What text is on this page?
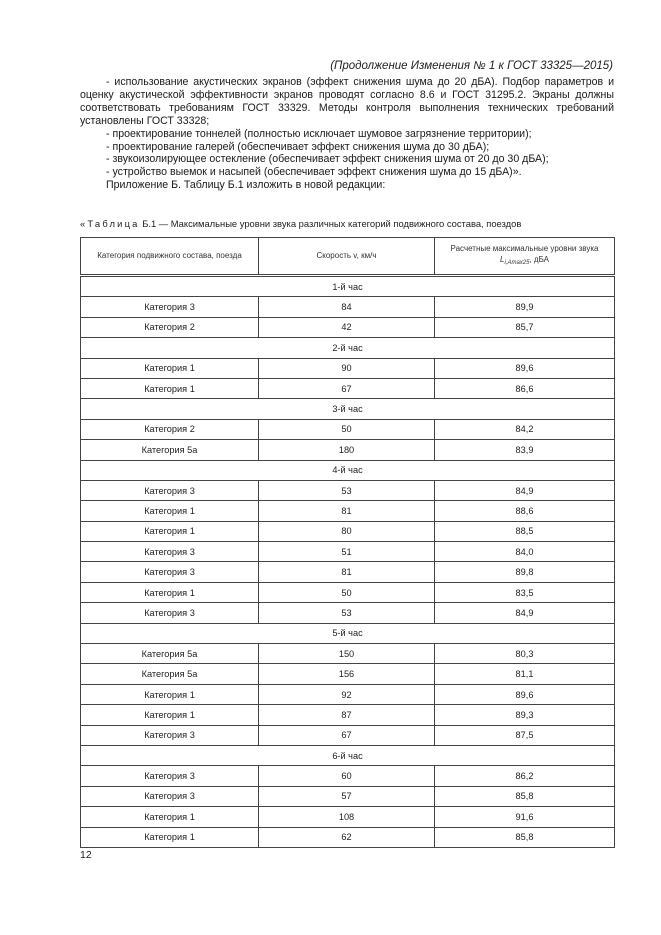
(Продолжение Изменения № 1 к ГОСТ 33325—2015)

- использование акустических экранов (эффект снижения шума до 20 дБА). Подбор параметров и оценку акустической эффективности экранов проводят согласно 8.6 и ГОСТ 31295.2. Экраны должны соответствовать требованиям ГОСТ 33329. Методы контроля выполнения технических требований установлены ГОСТ 33328;

- проектирование тоннелей (полностью исключает шумовое загрязнение территории);

- проектирование галерей (обеспечивает эффект снижения шума до 30 дБА);

- звукоизолирующее остекление (обеспечивает эффект снижения шума от 20 до 30 дБА);

- устройство выемок и насыпей (обеспечивает эффект снижения шума до 15 дБА)».

Приложение Б. Таблицу Б.1 изложить в новой редакции:

«Таблица Б.1 — Максимальные уровни звука различных категорий подвижного состава, поездов
Категория подвижного состава, поезда	Скорость v, км/ч	Расчетные максимальные уровни звука
$L_{i,Amax25}$, дБА

1-й час		
Категория 3	84	89,9
Категория 2	42	85,7
2-й час		
Категория 1	90	89,6
Категория 1	67	86,6
3-й час		
Категория 2	50	84,2
Категория 5а	180	83,9
4-й час		
Категория 3	53	84,9
Категория 1	81	88,6
Категория 1	80	88,5
Категория 3	51	84,0
Категория 3	81	89,8
Категория 1	50	83,5
Категория 3	53	84,9
5-й час		
Категория 5а	150	80,3
Категория 5а	156	81,1
Категория 1	92	89,6
Категория 1	87	89,3
Категория 3	67	87,5
6-й час		
Категория 3	60	86,2
Категория 3	57	85,8
Категория 1	108	91,6
Категория 1	62	85,8
12
